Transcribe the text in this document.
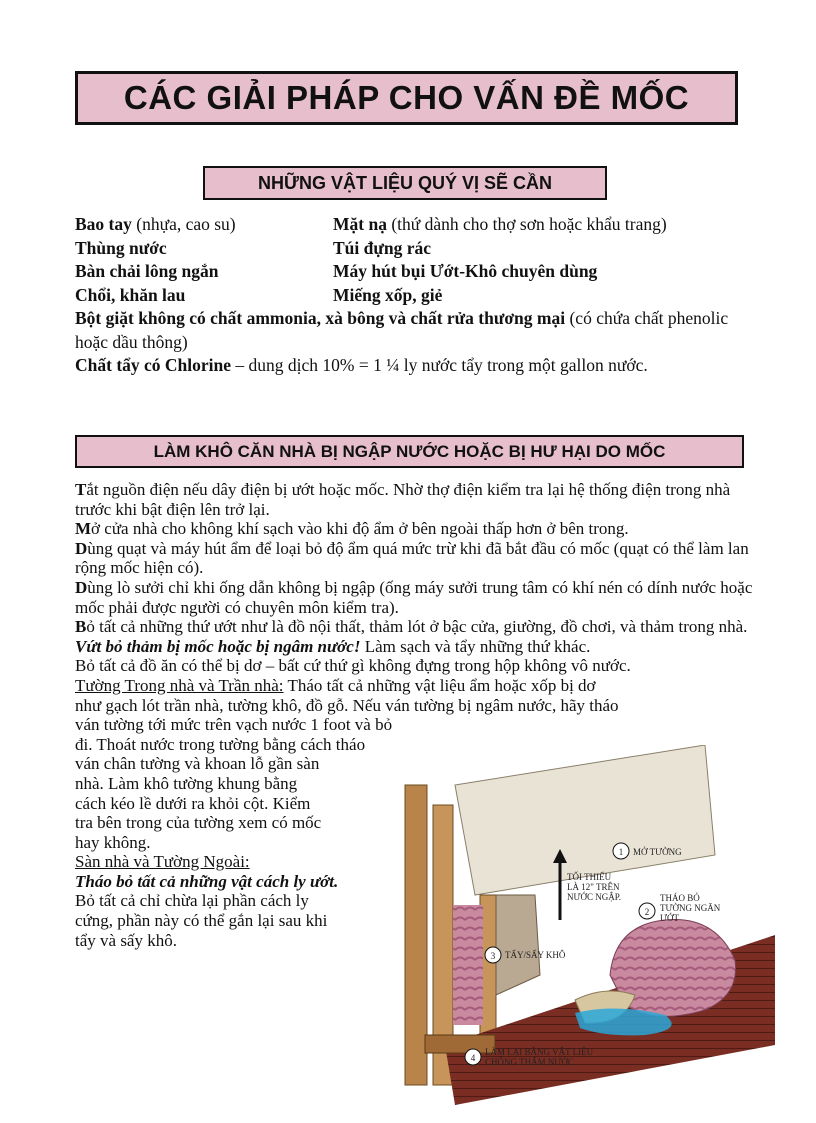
CÁC GIẢI PHÁP CHO VẤN ĐỀ MỐC
NHỮNG VẬT LIỆU QUÝ VỊ SẼ CẦN
Bao tay (nhựa, cao su)	Mặt nạ (thứ dành cho thợ sơn hoặc khẩu trang)
Thùng nước	Túi đựng rác
Bàn chải lông ngắn	Máy hút bụi Ướt-Khô chuyên dùng
Chổi, khăn lau	Miếng xốp, giẻ
Bột giặt không có chất ammonia, xà bông và chất rửa thương mại (có chứa chất phenolic hoặc dầu thông)
Chất tẩy có Chlorine – dung dịch 10% = 1 ¼ ly nước tẩy trong một gallon nước.
LÀM KHÔ CĂN NHÀ BỊ NGẬP NƯỚC HOẶC BỊ HƯ HẠI DO MỐC

Tắt nguồn điện nếu dây điện bị ướt hoặc mốc. Nhờ thợ điện kiểm tra lại hệ thống điện trong nhà trước khi bật điện lên trở lại.

Mở cửa nhà cho không khí sạch vào khi độ ẩm ở bên ngoài thấp hơn ở bên trong.

Dùng quạt và máy hút ẩm để loại bỏ độ ẩm quá mức trừ khi đã bắt đầu có mốc (quạt có thể làm lan rộng mốc hiện có).

Dùng lò sưởi chỉ khi ống dẫn không bị ngập (ống máy sưởi trung tâm có khí nén có dính nước hoặc mốc phải được người có chuyên môn kiểm tra).

Bỏ tất cả những thứ ướt như là đồ nội thất, thảm lót ở bậc cửa, giường, đồ chơi, và thảm trong nhà. Vứt bỏ thảm bị mốc hoặc bị ngâm nước! Làm sạch và tẩy những thứ khác.

Bỏ tất cả đồ ăn có thể bị dơ – bất cứ thứ gì không đựng trong hộp không vô nước.

Tường Trong nhà và Trần nhà: Tháo tất cả những vật liệu ẩm hoặc xốp bị dơ

như gạch lót trần nhà, tường khô, đồ gỗ. Nếu ván tường bị ngâm nước, hãy tháo

ván tường tới mức trên vạch nước 1 foot và bỏ

đi. Thoát nước trong tường bằng cách tháo

ván chân tường và khoan lỗ gần sàn

nhà. Làm khô tường khung bằng

cách kéo lề dưới ra khỏi cột. Kiểm

tra bên trong của tường xem có mốc

hay không.

Sàn nhà và Tường Ngoài:

Tháo bỏ tất cả những vật cách ly ướt.

Bỏ tất cả chỉ chừa lại phần cách ly

cứng, phần này có thể gắn lại sau khi

tẩy và sấy khô.

1 MỞ TƯỜNG
TỐI THIỂU
LÀ 12" TRÊN
NƯỚC NGẬP.
2
THÁO BỎ
TƯỜNG NGĂN
ƯỚT
3 TẨY/SẤY KHÔ
4
LÀM LẠI BẰNG VẬT LIỆU
CHỐNG THẤM NƯỚC
